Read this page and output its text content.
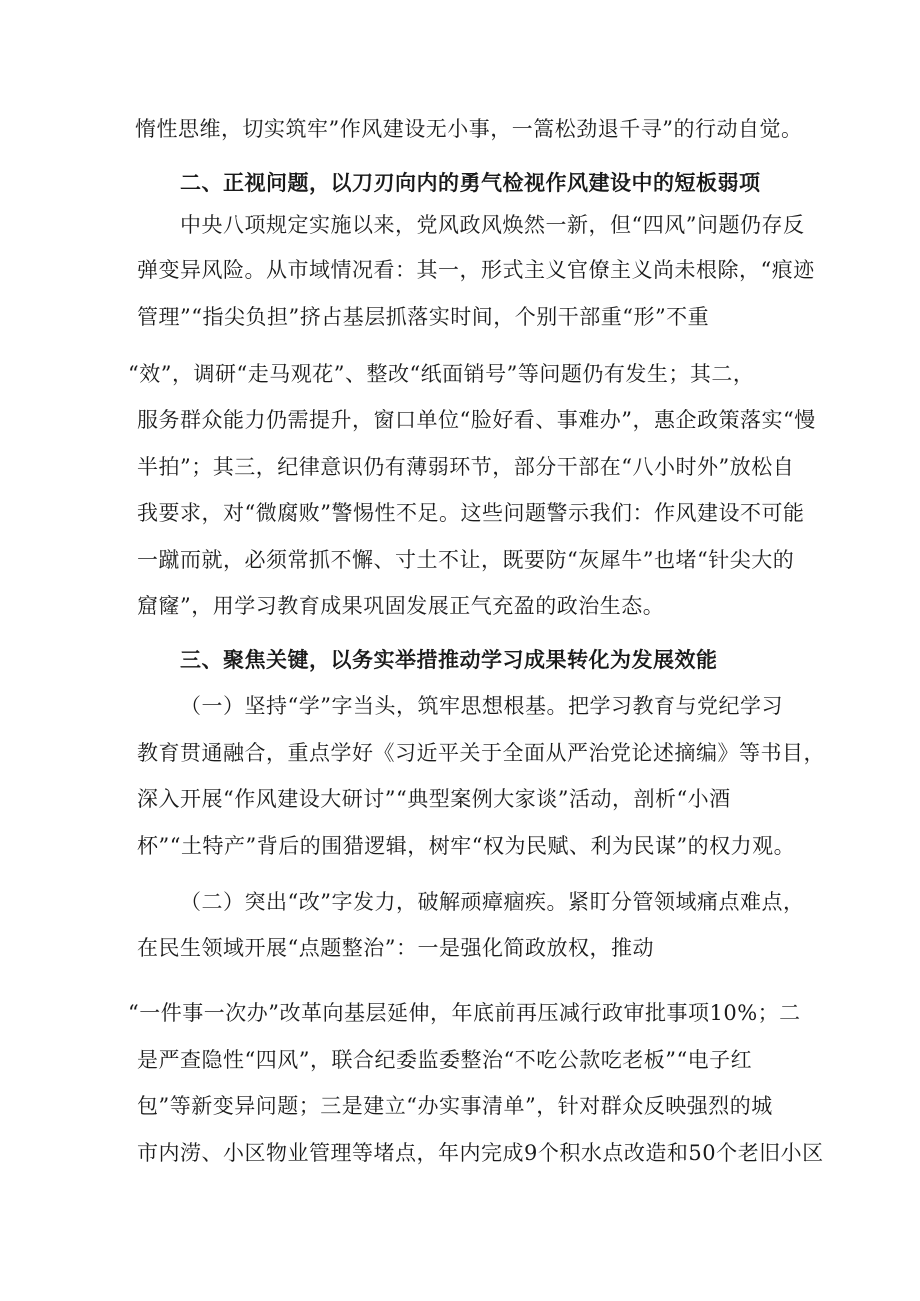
惰性思维，切实筑牢”作风建设无小事，一篙松劲退千寻”的行动自觉。
二、正视问题，以刀刃向内的勇气检视作风建设中的短板弱项
中央八项规定实施以来，党风政风焕然一新，但“四风”问题仍存反
弹变异风险。从市域情况看：其一，形式主义官僚主义尚未根除，“痕迹
管理”“指尖负担”挤占基层抓落实时间，个别干部重“形”不重
“效”，调研“走马观花”、整改“纸面销号”等问题仍有发生；其二，
服务群众能力仍需提升，窗口单位“脸好看、事难办”，惠企政策落实“慢
半拍”；其三，纪律意识仍有薄弱环节，部分干部在“八小时外”放松自
我要求，对“微腐败”警惕性不足。这些问题警示我们：作风建设不可能
一蹴而就，必须常抓不懈、寸土不让，既要防“灰犀牛”也堵“针尖大的
窟窿”，用学习教育成果巩固发展正气充盈的政治生态。
三、聚焦关键，以务实举措推动学习成果转化为发展效能
（一）坚持“学”字当头，筑牢思想根基。把学习教育与党纪学习
教育贯通融合，重点学好《习近平关于全面从严治党论述摘编》等书目，
深入开展“作风建设大研讨”“典型案例大家谈”活动，剖析“小酒
杯”“土特产”背后的围猎逻辑，树牢“权为民赋、利为民谋”的权力观。
（二）突出“改”字发力，破解顽瘴痼疾。紧盯分管领域痛点难点，
在民生领域开展“点题整治”：一是强化简政放权，推动
“一件事一次办”改革向基层延伸，年底前再压减行政审批事项10%；二
是严查隐性“四风”，联合纪委监委整治“不吃公款吃老板”“电子红
包”等新变异问题；三是建立“办实事清单”，针对群众反映强烈的城
市内涝、小区物业管理等堵点，年内完成9个积水点改造和50个老旧小区
